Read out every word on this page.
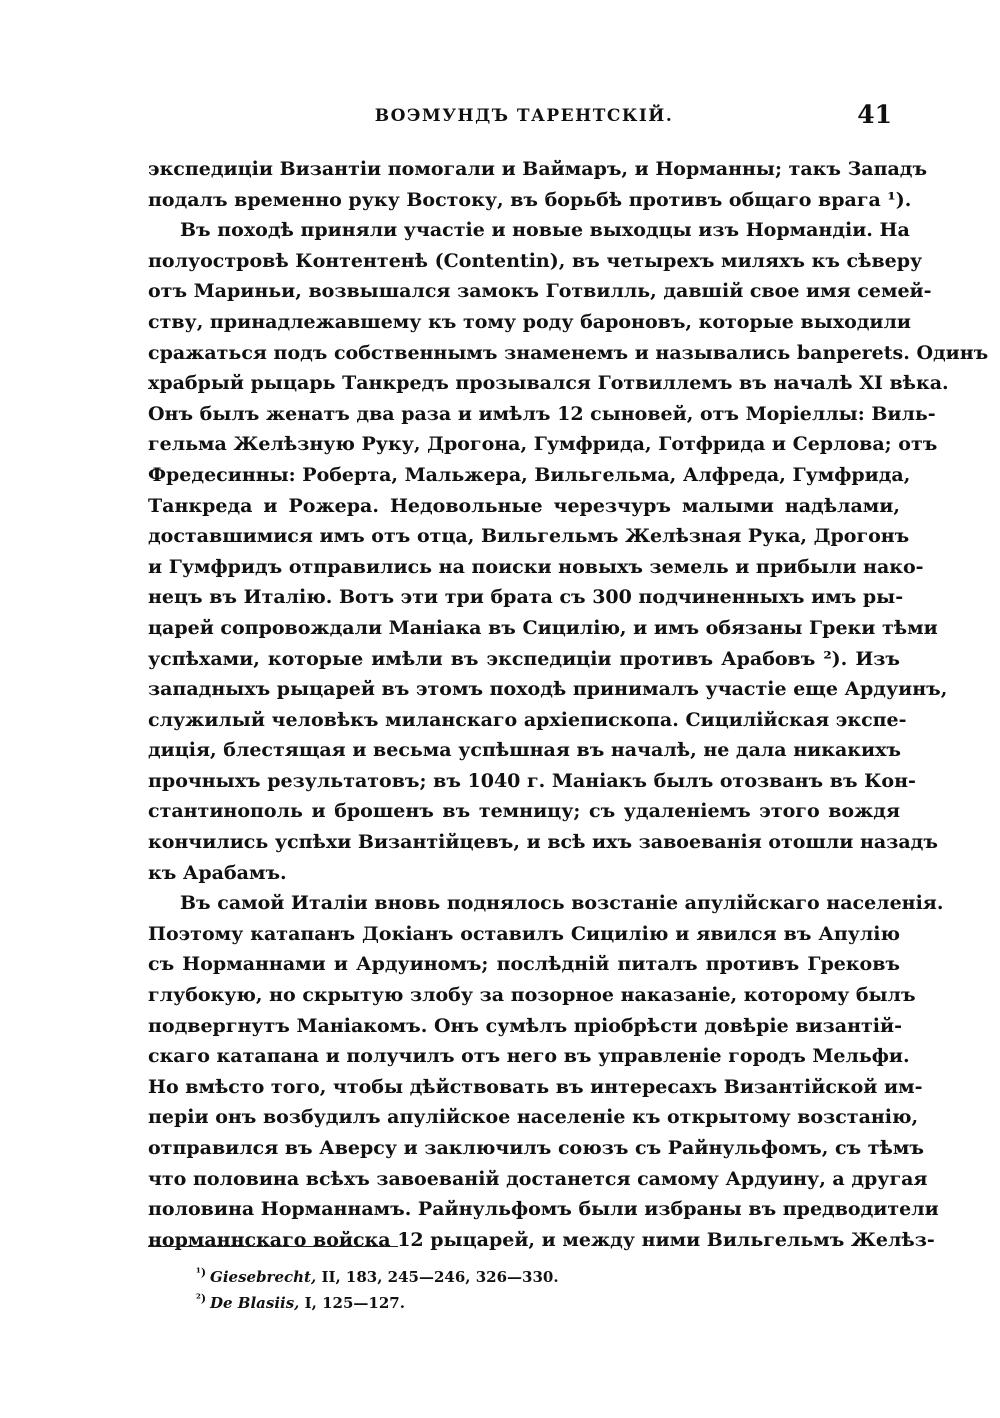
ВОЭМУНДЪ ТАРЕНТСКІЙ.	41
экспедиціи Византіи помогали и Ваймаръ, и Норманны; такъ Западъ
подалъ временно руку Востоку, въ борьбѣ противъ общаго врага ¹).
Въ походѣ приняли участіе и новые выходцы изъ Нормандіи. На
полуостровѣ Контентенѣ (Contentin), въ четырехъ миляхъ къ сѣверу
отъ Мариньи, возвышался замокъ Готвилль, давшій свое имя семей-
ству, принадлежавшему къ тому роду бароновъ, которые выходили
сражаться подъ собственнымъ знаменемъ и назывались banperets. Одинъ
храбрый рыцарь Танкредъ прозывался Готвиллемъ въ началѣ XI вѣка.
Онъ былъ женатъ два раза и имѣлъ 12 сыновей, отъ Моріеллы: Виль-
гельма Желѣзную Руку, Дрогона, Гумфрида, Готфрида и Серлова; отъ
Фредесинны: Роберта, Мальжера, Вильгельма, Алфреда, Гумфрида,
Танкреда и Рожера. Недовольные черезчуръ малыми надѣлами,
доставшимися имъ отъ отца, Вильгельмъ Желѣзная Рука, Дрогонъ
и Гумфридъ отправились на поиски новыхъ земель и прибыли нако-
нецъ въ Италію. Вотъ эти три брата съ 300 подчиненныхъ имъ ры-
царей сопровождали Маніака въ Сицилію, и имъ обязаны Греки тѣми
успѣхами, которые имѣли въ экспедиціи противъ Арабовъ ²). Изъ
западныхъ рыцарей въ этомъ походѣ принималъ участіе еще Ардуинъ,
служилый человѣкъ миланскаго архіепископа. Сицилійская экспе-
диція, блестящая и весьма успѣшная въ началѣ, не дала никакихъ
прочныхъ результатовъ; въ 1040 г. Маніакъ былъ отозванъ въ Кон-
стантинополь и брошенъ въ темницу; съ удаленіемъ этого вождя
кончились успѣхи Византійцевъ, и всѣ ихъ завоеванія отошли назадъ
къ Арабамъ.
Въ самой Италіи вновь поднялось возстаніе апулійскаго населенія.
Поэтому катапанъ Докіанъ оставилъ Сицилію и явился въ Апулію
съ Норманнами и Ардуиномъ; послѣдній питалъ противъ Грековъ
глубокую, но скрытую злобу за позорное наказаніе, которому былъ
подвергнутъ Маніакомъ. Онъ сумѣлъ пріобрѣсти довѣріе византій-
скаго катапана и получилъ отъ него въ управленіе городъ Мельфи.
Но вмѣсто того, чтобы дѣйствовать въ интересахъ Византійской им-
періи онъ возбудилъ апулійское населеніе къ открытому возстанію,
отправился въ Аверсу и заключилъ союзъ съ Райнульфомъ, съ тѣмъ
что половина всѣхъ завоеваній достанется самому Ардуину, а другая
половина Норманнамъ. Райнульфомъ были избраны въ предводители
норманнскаго войска 12 рыцарей, и между ними Вильгельмъ Желѣз-
$^{^1)}$ Giesebrecht, II, 183, 245—246, 326—330.
$^{^2)}$ De Blasiis, I, 125—127.
